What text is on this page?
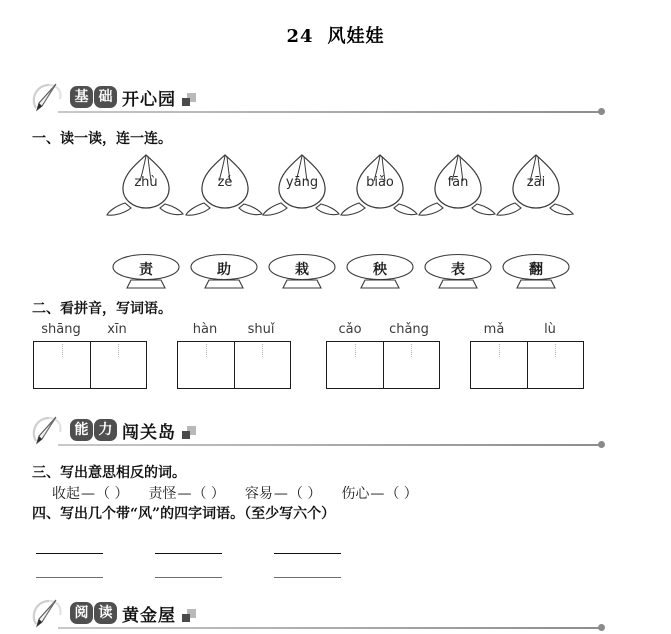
24 风娃娃
基 础 开心园
一、读一读，连一连。
zhù	zé	yāng	biǎo	fān	zāi
责	助	栽	秧	表	翻
二、看拼音，写词语。
shāng	xīn	hàn	shuǐ	cǎo	chǎng	mǎ	lù
能 力 闯关岛
三、写出意思相反的词。
收起—（ ） 责怪—（ ） 容易—（ ） 伤心—（ ）
四、写出几个带“风”的四字词语。（至少写六个）
阅 读 黄金屋
